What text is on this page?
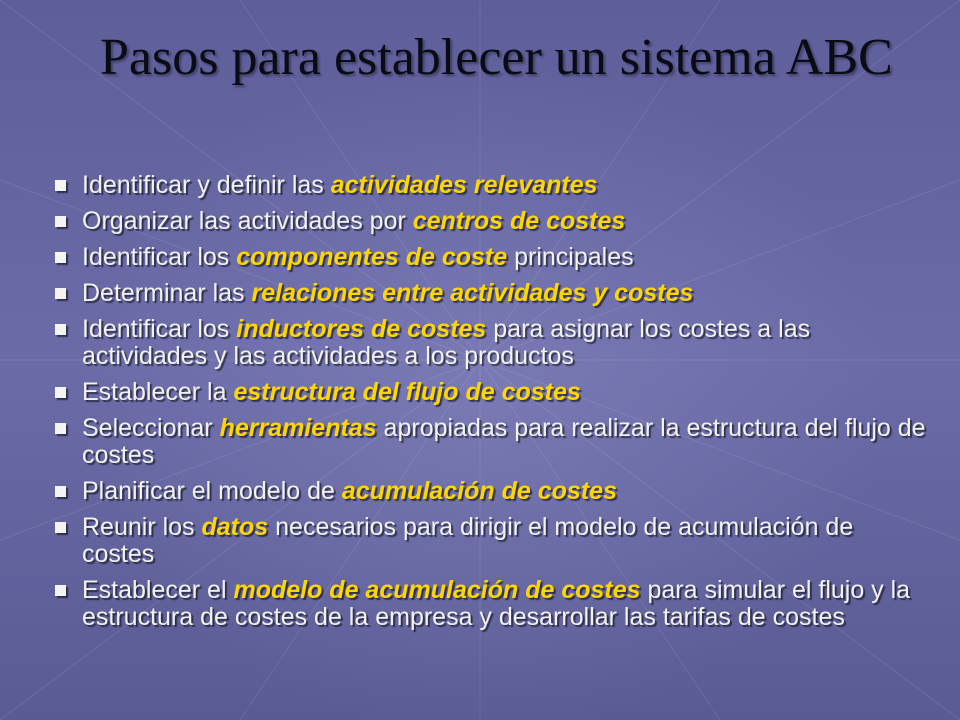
Pasos para establecer un sistema ABC
Identificar y definir las actividades relevantes
Organizar las actividades por centros de costes
Identificar los componentes de coste principales
Determinar las relaciones entre actividades y costes
Identificar los inductores de costes para asignar los costes a las actividades y las actividades a los productos
Establecer la estructura del flujo de costes
Seleccionar herramientas apropiadas para realizar la estructura del flujo de costes
Planificar el modelo de acumulación de costes
Reunir los datos necesarios para dirigir el modelo de acumulación de costes
Establecer el modelo de acumulación de costes para simular el flujo y la estructura de costes de la empresa y desarrollar las tarifas de costes
